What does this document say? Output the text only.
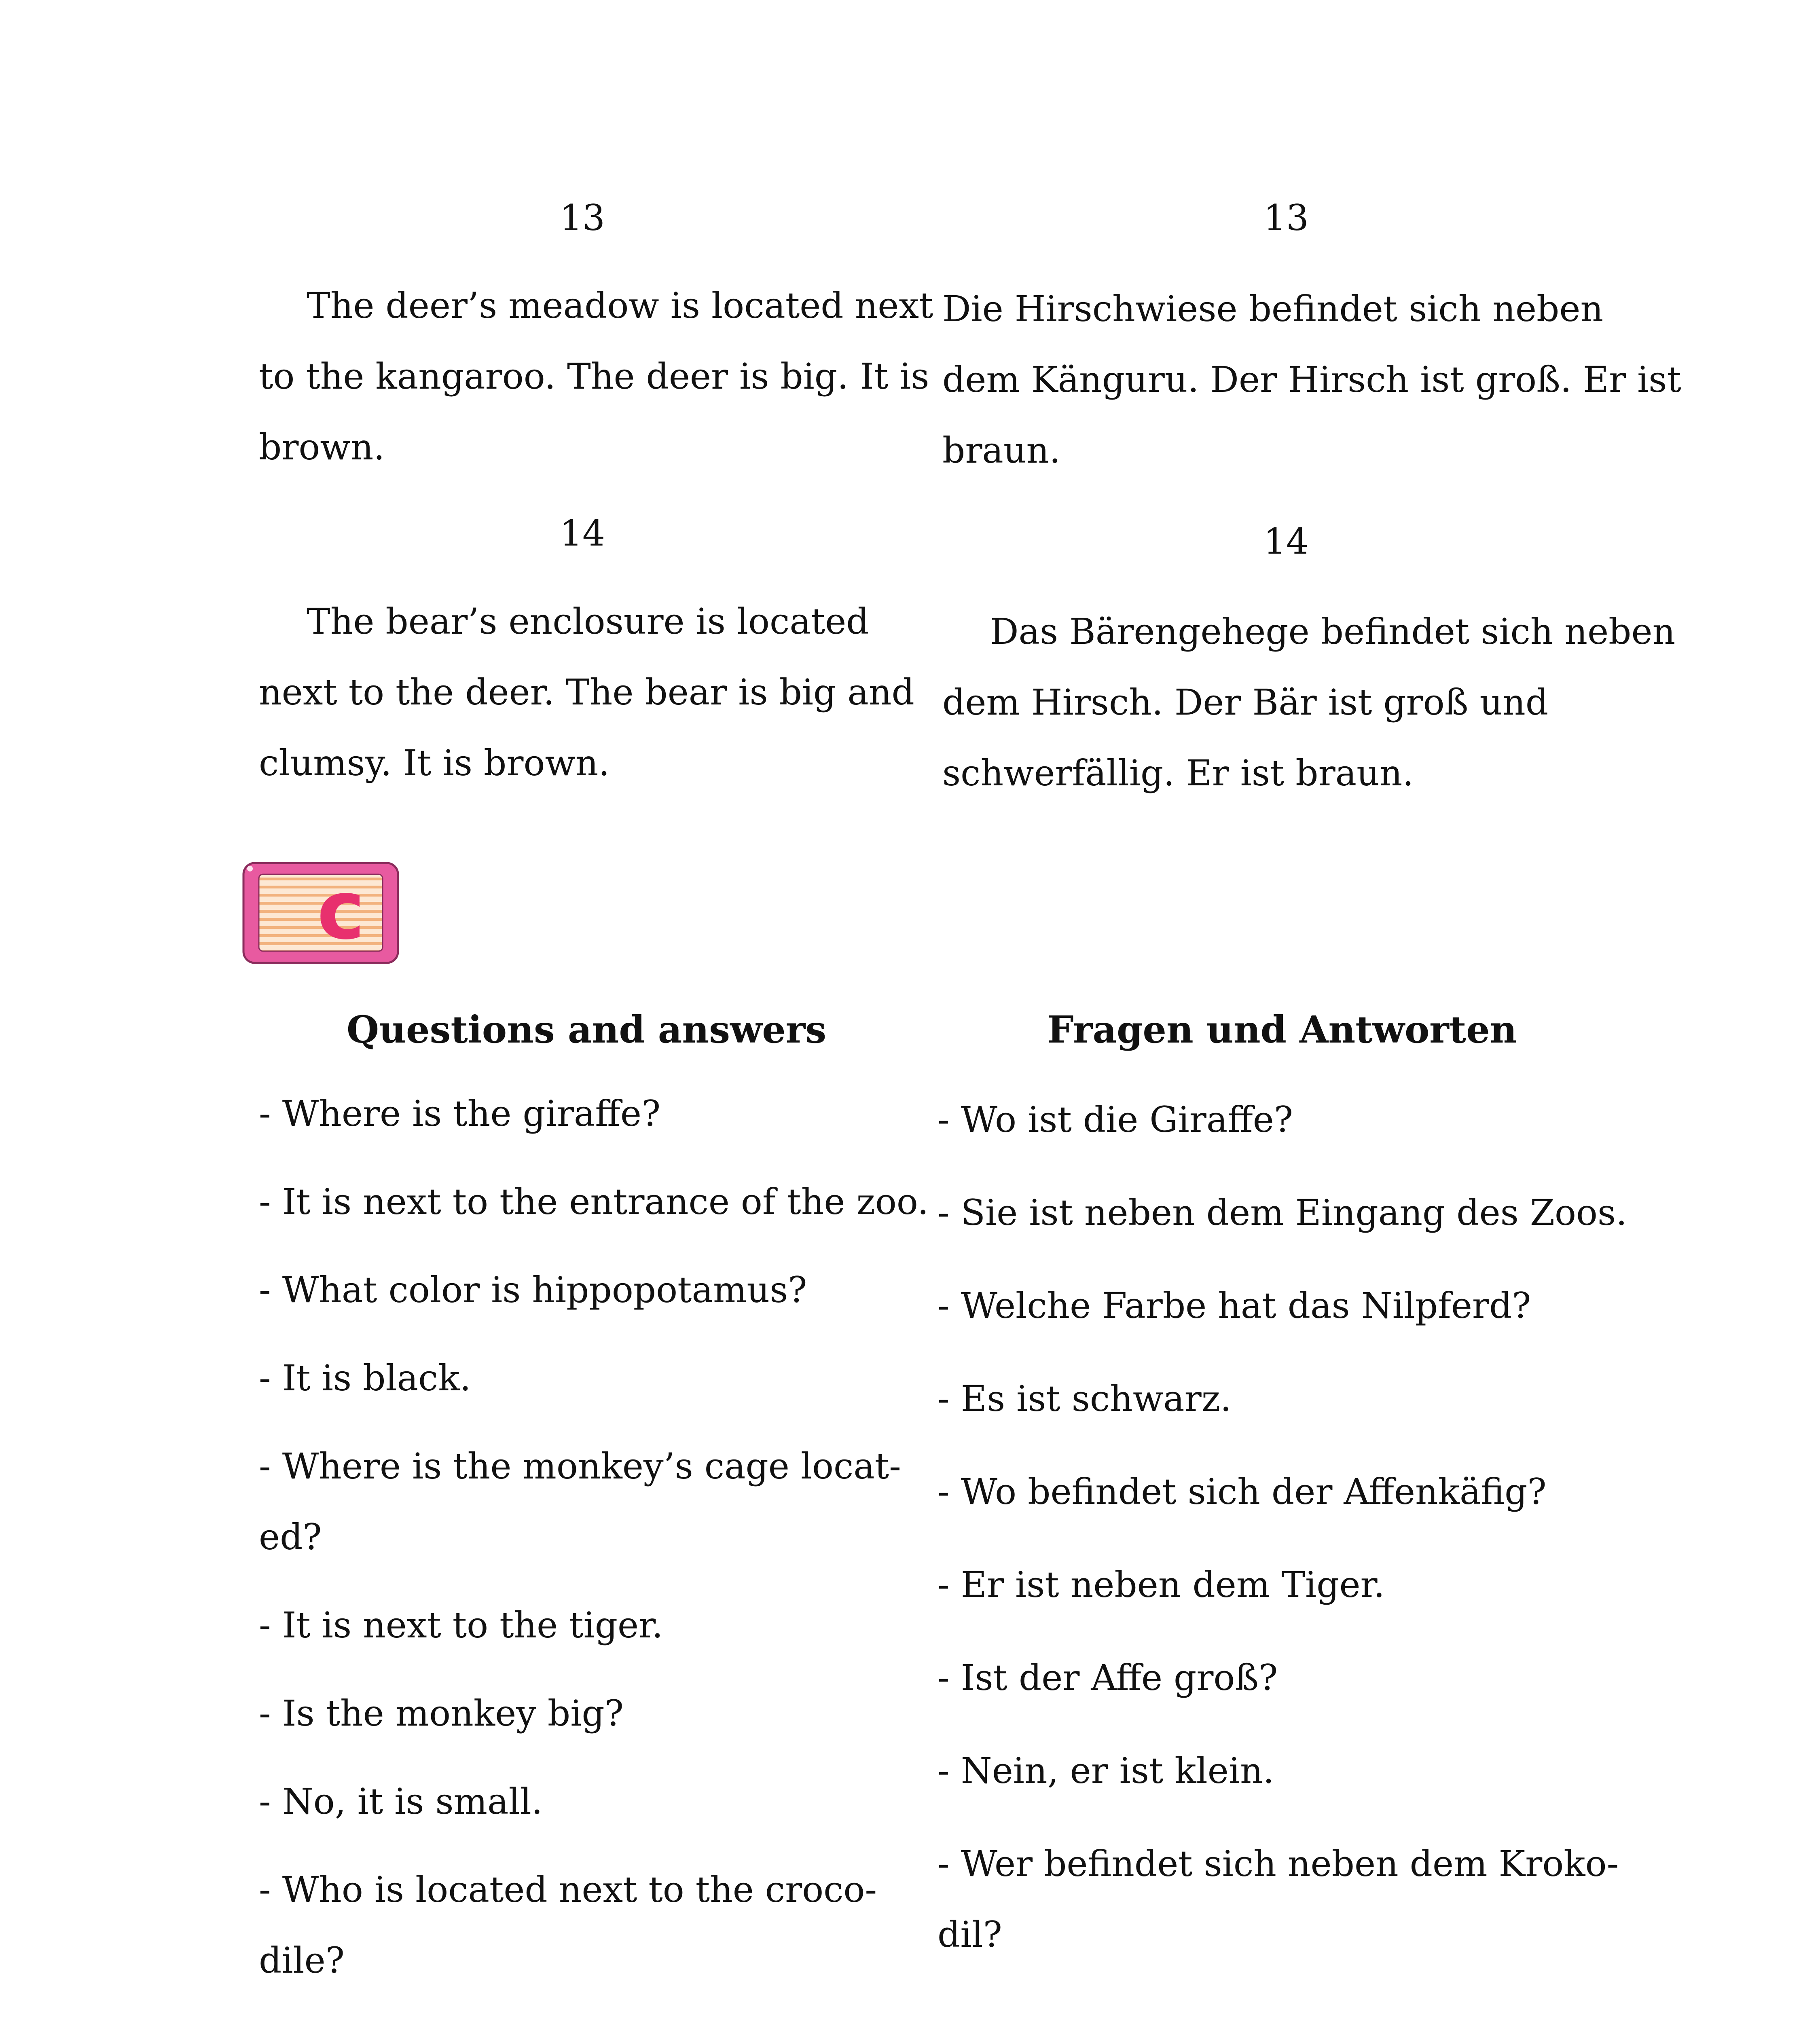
13	13
The deer’s meadow is located next
to the kangaroo. The deer is big. It is
brown.
Die Hirschwiese befindet sich neben
dem Känguru. Der Hirsch ist groß. Er ist
braun.
14	14
The bear’s enclosure is located
next to the deer. The bear is big and
clumsy. It is brown.
Das Bärengehege befindet sich neben
dem Hirsch. Der Bär ist groß und
schwerfällig. Er ist braun.
c
Questions and answers	Fragen und Antworten
- Where is the giraffe?
- It is next to the entrance of the zoo.
- What color is hippopotamus?
- It is black.
- Where is the monkey’s cage locat-
ed?
- It is next to the tiger.
- Is the monkey big?
- No, it is small.
- Who is located next to the croco-
dile?
- Wo ist die Giraffe?
- Sie ist neben dem Eingang des Zoos.
- Welche Farbe hat das Nilpferd?
- Es ist schwarz.
- Wo befindet sich der Affenkäfig?
- Er ist neben dem Tiger.
- Ist der Affe groß?
- Nein, er ist klein.
- Wer befindet sich neben dem Kroko-
dil?
